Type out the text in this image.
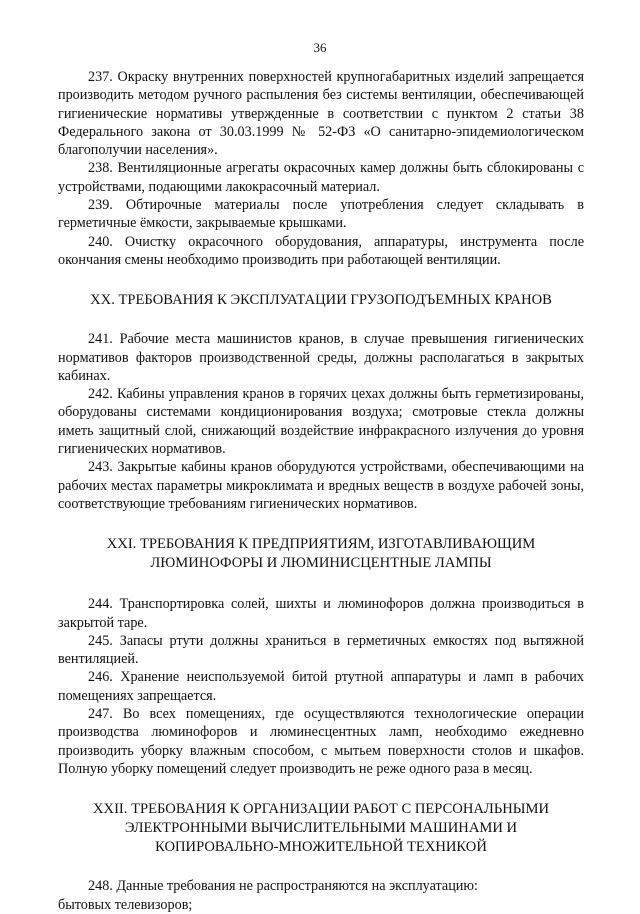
36

237. Окраску внутренних поверхностей крупногабаритных изделий запрещается производить методом ручного распыления без системы вентиляции, обеспечивающей гигиенические нормативы утвержденные в соответствии с пунктом 2 статьи 38 Федерального закона от 30.03.1999 № 52-ФЗ «О санитарно-эпидемиологическом благополучии населения».

238. Вентиляционные агрегаты окрасочных камер должны быть сблокированы с устройствами, подающими лакокрасочный материал.

239. Обтирочные материалы после употребления следует складывать в герметичные ёмкости, закрываемые крышками.

240. Очистку окрасочного оборудования, аппаратуры, инструмента после окончания смены необходимо производить при работающей вентиляции.

XX. ТРЕБОВАНИЯ К ЭКСПЛУАТАЦИИ ГРУЗОПОДЪЕМНЫХ КРАНОВ

241. Рабочие места машинистов кранов, в случае превышения гигиенических нормативов факторов производственной среды, должны располагаться в закрытых кабинах.

242. Кабины управления кранов в горячих цехах должны быть герметизированы, оборудованы системами кондиционирования воздуха; смотровые стекла должны иметь защитный слой, снижающий воздействие инфракрасного излучения до уровня гигиенических нормативов.

243. Закрытые кабины кранов оборудуются устройствами, обеспечивающими на рабочих местах параметры микроклимата и вредных веществ в воздухе рабочей зоны, соответствующие требованиям гигиенических нормативов.

XXI. ТРЕБОВАНИЯ К ПРЕДПРИЯТИЯМ, ИЗГОТАВЛИВАЮЩИМ ЛЮМИНОФОРЫ И ЛЮМИНИСЦЕНТНЫЕ ЛАМПЫ

244. Транспортировка солей, шихты и люминофоров должна производиться в закрытой таре.

245. Запасы ртути должны храниться в герметичных емкостях под вытяжной вентиляцией.

246. Хранение неиспользуемой битой ртутной аппаратуры и ламп в рабочих помещениях запрещается.

247. Во всех помещениях, где осуществляются технологические операции производства люминофоров и люминесцентных ламп, необходимо ежедневно производить уборку влажным способом, с мытьем поверхности столов и шкафов. Полную уборку помещений следует производить не реже одного раза в месяц.

XXII. ТРЕБОВАНИЯ К ОРГАНИЗАЦИИ РАБОТ С ПЕРСОНАЛЬНЫМИ ЭЛЕКТРОННЫМИ ВЫЧИСЛИТЕЛЬНЫМИ МАШИНАМИ И КОПИРОВАЛЬНО-МНОЖИТЕЛЬНОЙ ТЕХНИКОЙ

248. Данные требования не распространяются на эксплуатацию:

бытовых телевизоров;
